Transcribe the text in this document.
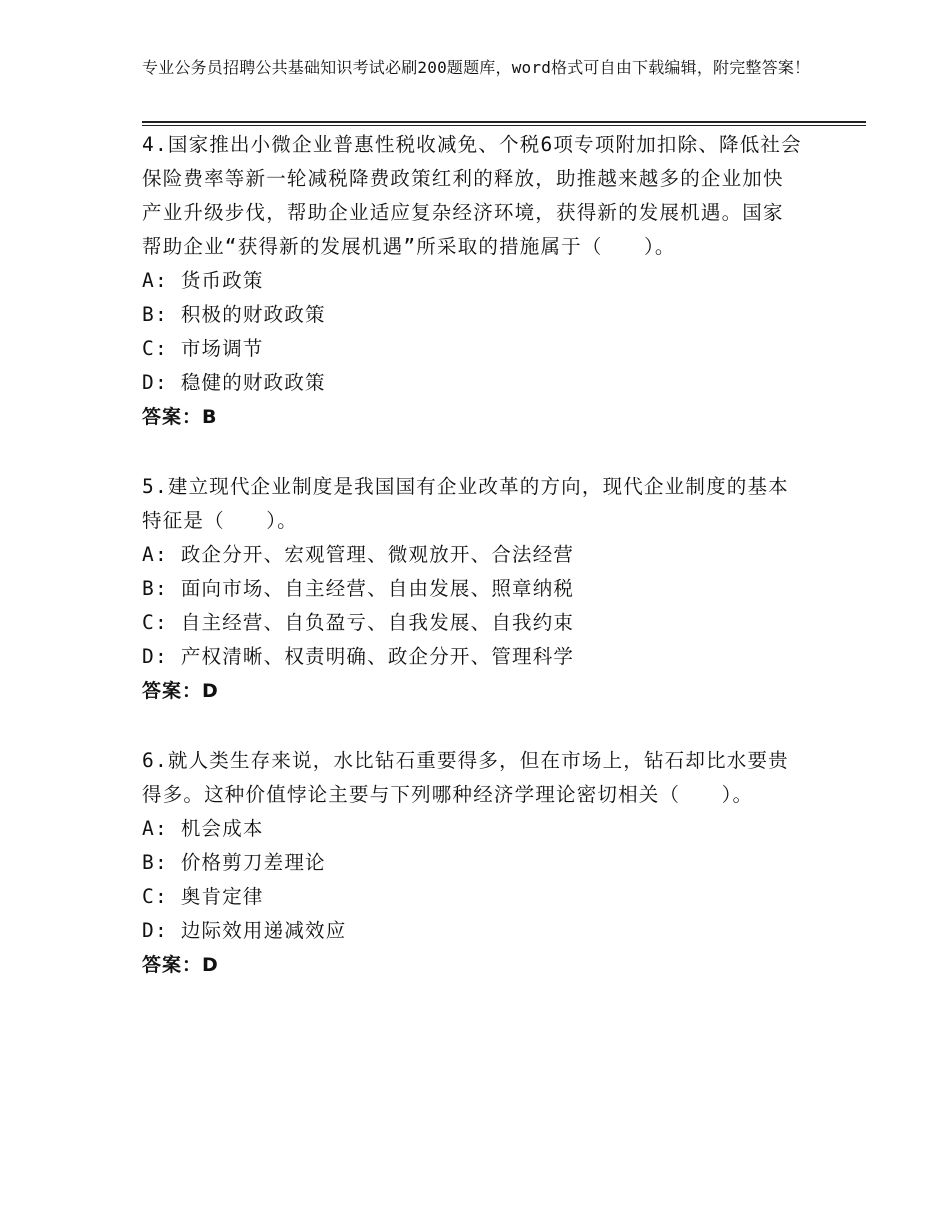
专业公务员招聘公共基础知识考试必刷200题题库，word格式可自由下载编辑，附完整答案！

4.国家推出小微企业普惠性税收减免、个税6项专项附加扣除、降低社会保险费率等新一轮减税降费政策红利的释放，助推越来越多的企业加快产业升级步伐，帮助企业适应复杂经济环境，获得新的发展机遇。国家帮助企业“获得新的发展机遇”所采取的措施属于（　　）。

A: 货币政策

B: 积极的财政政策

C: 市场调节

D: 稳健的财政政策

答案：B

5.建立现代企业制度是我国国有企业改革的方向，现代企业制度的基本特征是（　　）。

A: 政企分开、宏观管理、微观放开、合法经营

B: 面向市场、自主经营、自由发展、照章纳税

C: 自主经营、自负盈亏、自我发展、自我约束

D: 产权清晰、权责明确、政企分开、管理科学

答案：D

6.就人类生存来说，水比钻石重要得多，但在市场上，钻石却比水要贵得多。这种价值悖论主要与下列哪种经济学理论密切相关（　　）。

A: 机会成本

B: 价格剪刀差理论

C: 奥肯定律

D: 边际效用递减效应

答案：D
